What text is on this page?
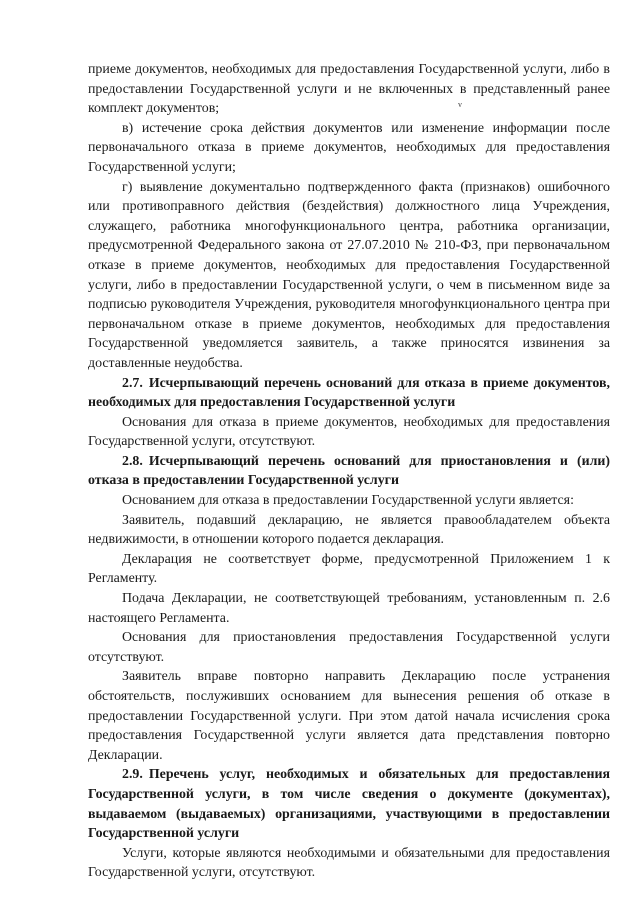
приеме документов, необходимых для предоставления Государственной услуги, либо в предоставлении Государственной услуги и не включенных в представленный ранее комплект документов;

в) истечение срока действия документов или изменение информации после первоначального отказа в приеме документов, необходимых для предоставления Государственной услуги;

г) выявление документально подтвержденного факта (признаков) ошибочного или противоправного действия (бездействия) должностного лица Учреждения, служащего, работника многофункционального центра, работника организации, предусмотренной Федерального закона от 27.07.2010 № 210-ФЗ, при первоначальном отказе в приеме документов, необходимых для предоставления Государственной услуги, либо в предоставлении Государственной услуги, о чем в письменном виде за подписью руководителя Учреждения, руководителя многофункционального центра при первоначальном отказе в приеме документов, необходимых для предоставления Государственной уведомляется заявитель, а также приносятся извинения за доставленные неудобства.

2.7. Исчерпывающий перечень оснований для отказа в приеме документов, необходимых для предоставления Государственной услуги

Основания для отказа в приеме документов, необходимых для предоставления Государственной услуги, отсутствуют.

2.8. Исчерпывающий перечень оснований для приостановления и (или) отказа в предоставлении Государственной услуги

Основанием для отказа в предоставлении Государственной услуги является:

Заявитель, подавший декларацию, не является правообладателем объекта недвижимости, в отношении которого подается декларация.

Декларация не соответствует форме, предусмотренной Приложением 1 к Регламенту.

Подача Декларации, не соответствующей требованиям, установленным п. 2.6 настоящего Регламента.

Основания для приостановления предоставления Государственной услуги отсутствуют.

Заявитель вправе повторно направить Декларацию после устранения обстоятельств, послуживших основанием для вынесения решения об отказе в предоставлении Государственной услуги. При этом датой начала исчисления срока предоставления Государственной услуги является дата представления повторно Декларации.

2.9. Перечень услуг, необходимых и обязательных для предоставления Государственной услуги, в том числе сведения о документе (документах), выдаваемом (выдаваемых) организациями, участвующими в предоставлении Государственной услуги

Услуги, которые являются необходимыми и обязательными для предоставления Государственной услуги, отсутствуют.

v
